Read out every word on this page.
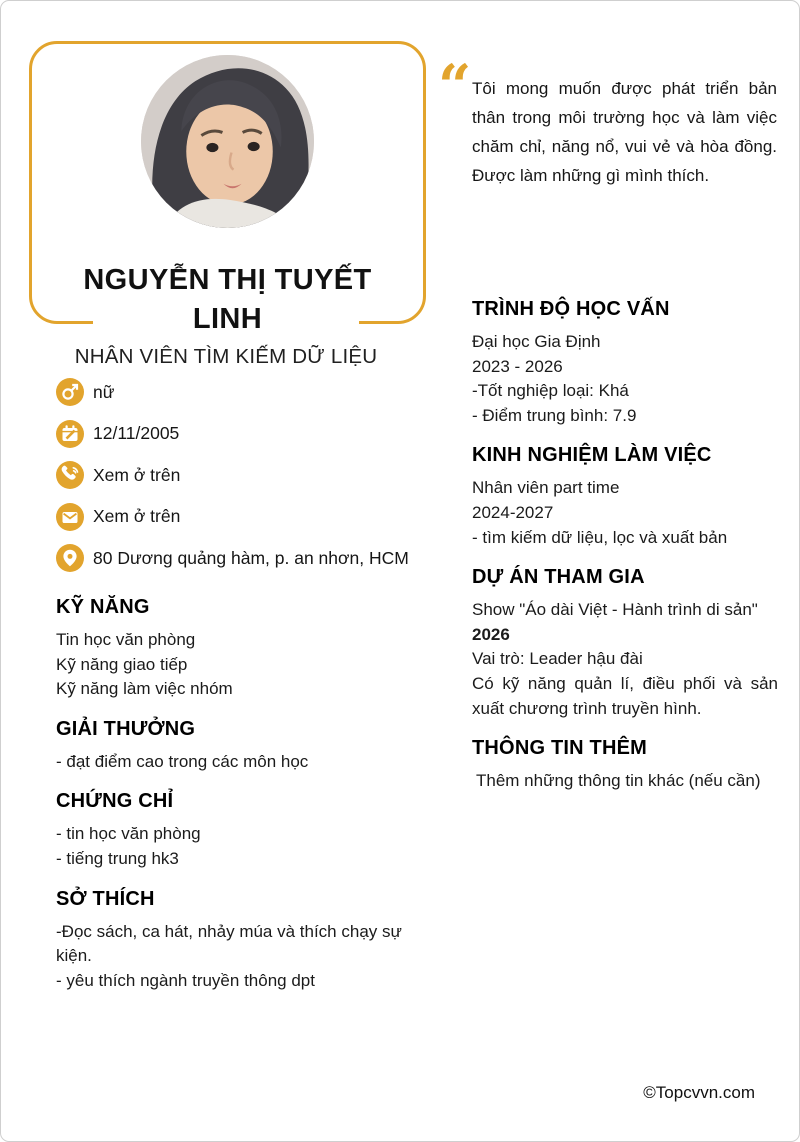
NGUYỄN THỊ TUYẾT LINH
NHÂN VIÊN TÌM KIẾM DỮ LIỆU
nữ
12/11/2005
Xem ở trên
Xem ở trên
80 Dương quảng hàm, p. an nhơn, HCM
KỸ NĂNG
Tin học văn phòng
Kỹ năng giao tiếp
Kỹ năng làm việc nhóm
GIẢI THƯỞNG
- đạt điểm cao trong các môn học
CHỨNG CHỈ
- tin học văn phòng
- tiếng trung hk3
SỞ THÍCH
-Đọc sách, ca hát, nhảy múa và thích chạy sự kiện.
- yêu thích ngành truyền thông dpt
“ Tôi mong muốn được phát triển bản thân trong môi trường học và làm việc chăm chỉ, năng nổ, vui vẻ và hòa đồng. Được làm những gì mình thích.
TRÌNH ĐỘ HỌC VẤN
Đại học Gia Định
2023 - 2026
-Tốt nghiệp loại: Khá
- Điểm trung bình: 7.9
KINH NGHIỆM LÀM VIỆC
Nhân viên part time
2024-2027
- tìm kiếm dữ liệu, lọc và xuất bản
DỰ ÁN THAM GIA
Show "Áo dài Việt - Hành trình di sản"
2026
Vai trò: Leader hậu đài
Có kỹ năng quản lí, điều phối và sản xuất chương trình truyền hình.
THÔNG TIN THÊM
Thêm những thông tin khác (nếu cần)
©Topcvvn.com
